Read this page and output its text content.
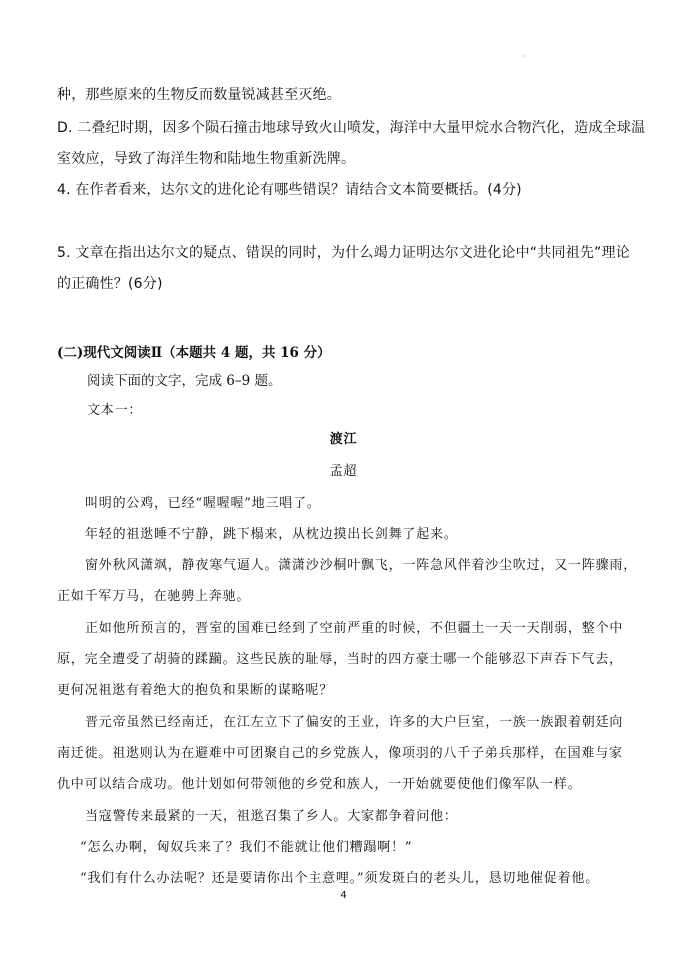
˜
种，那些原来的生物反而数量锐减甚至灭绝。
D. 二叠纪时期，因多个陨石撞击地球导致火山喷发，海洋中大量甲烷水合物汽化，造成全球温
室效应，导致了海洋生物和陆地生物重新洗牌。
4. 在作者看来，达尔文的进化论有哪些错误？请结合文本简要概括。(4分)
5. 文章在指出达尔文的疑点、错误的同时，为什么竭力证明达尔文进化论中“共同祖先”理论
的正确性？(6分)
(二)现代文阅读Ⅱ（本题共 4 题，共 16 分）
阅读下面的文字，完成 6–9 题。
文本一：
渡江
孟超
叫明的公鸡，已经“喔喔喔”地三唱了。
年轻的祖逖睡不宁静，跳下榻来，从枕边摸出长剑舞了起来。
窗外秋风潇飒，静夜寒气逼人。潇潇沙沙桐叶飘飞，一阵急风伴着沙尘吹过，又一阵骤雨，
正如千军万马，在驰骋上奔驰。
正如他所预言的，晋室的国难已经到了空前严重的时候，不但疆土一天一天削弱，整个中
原，完全遭受了胡骑的蹂躏。这些民族的耻辱，当时的四方豪士哪一个能够忍下声吞下气去，
更何况祖逖有着绝大的抱负和果断的谋略呢？
晋元帝虽然已经南迁，在江左立下了偏安的王业，许多的大户巨室，一族一族跟着朝廷向
南迁徙。祖逖则认为在避难中可团聚自己的乡党族人，像项羽的八千子弟兵那样，在国难与家
仇中可以结合成功。他计划如何带领他的乡党和族人，一开始就要使他们像军队一样。
当寇警传来最紧的一天，祖逖召集了乡人。大家都争着问他：
“怎么办啊，匈奴兵来了？我们不能就让他们糟蹋啊！”
“我们有什么办法呢？还是要请你出个主意哩。”须发斑白的老头儿，恳切地催促着他。
4
